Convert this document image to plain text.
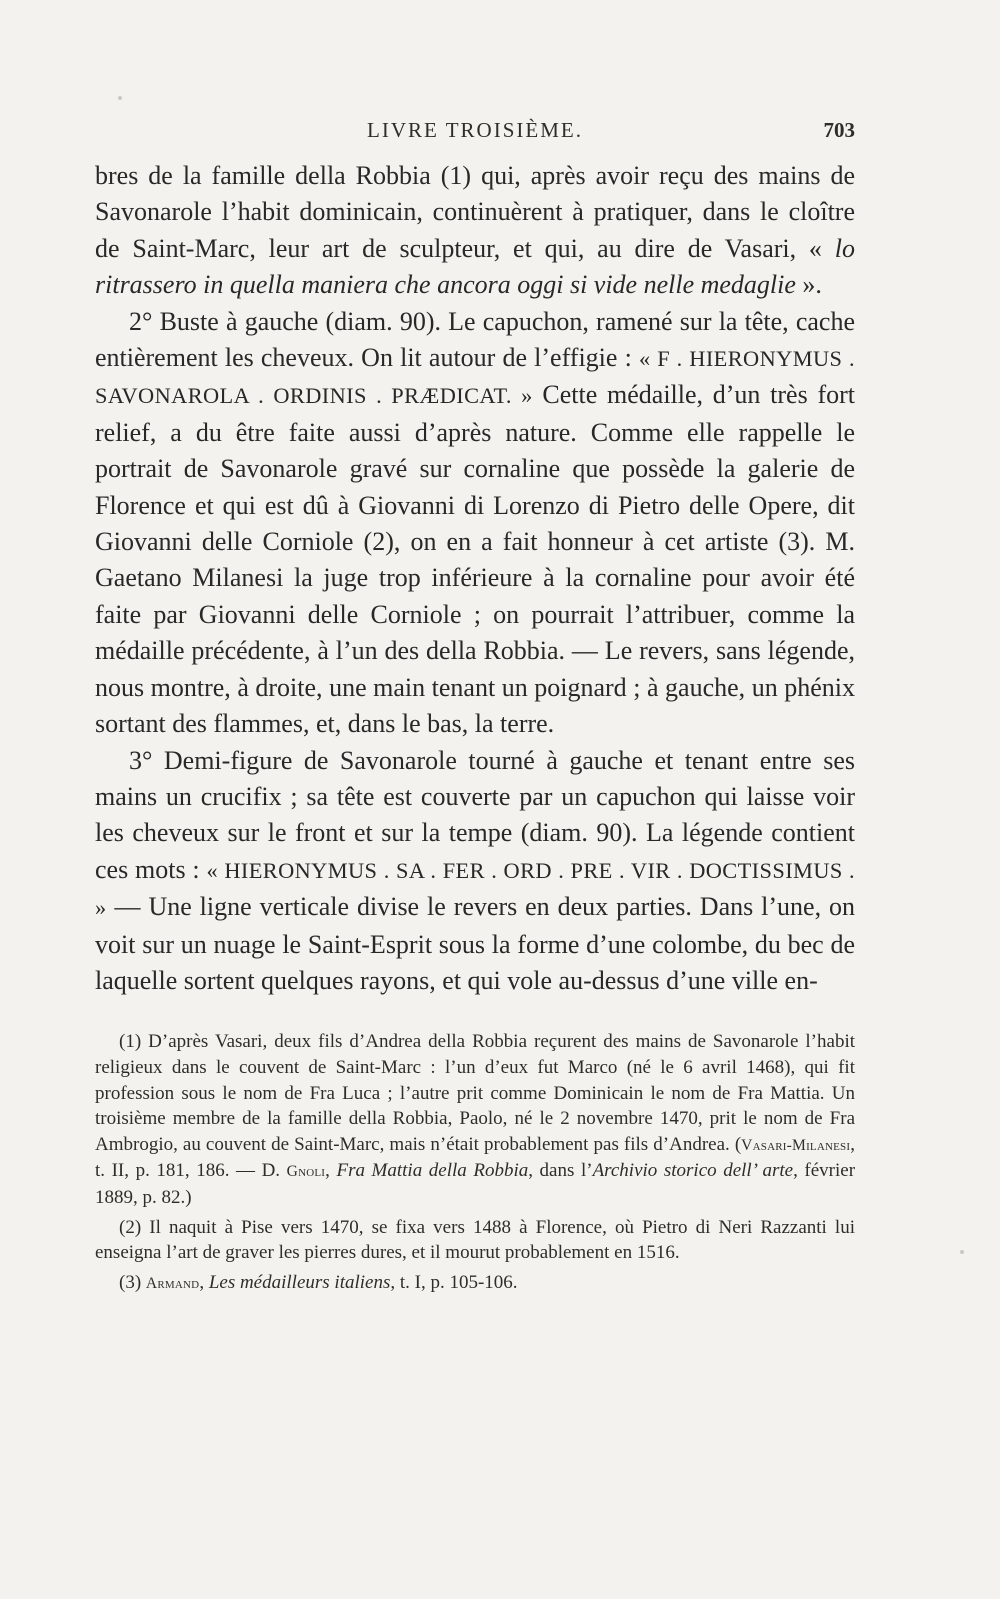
LIVRE TROISIÈME.	703

bres de la famille della Robbia (1) qui, après avoir reçu des mains de Savonarole l’habit dominicain, continuèrent à pratiquer, dans le cloître de Saint-Marc, leur art de sculpteur, et qui, au dire de Vasari, « lo ritrassero in quella maniera che ancora oggi si vide nelle medaglie ».

2° Buste à gauche (diam. 90). Le capuchon, ramené sur la tête, cache entièrement les cheveux. On lit autour de l’effigie : « F . HIERONYMUS . SAVONAROLA . ORDINIS . PRÆDICAT. » Cette médaille, d’un très fort relief, a du être faite aussi d’après nature. Comme elle rappelle le portrait de Savonarole gravé sur cornaline que possède la galerie de Florence et qui est dû à Giovanni di Lorenzo di Pietro delle Opere, dit Giovanni delle Corniole (2), on en a fait honneur à cet artiste (3). M. Gaetano Milanesi la juge trop inférieure à la cornaline pour avoir été faite par Giovanni delle Corniole ; on pourrait l’attribuer, comme la médaille précédente, à l’un des della Robbia. — Le revers, sans légende, nous montre, à droite, une main tenant un poignard ; à gauche, un phénix sortant des flammes, et, dans le bas, la terre.

3° Demi-figure de Savonarole tourné à gauche et tenant entre ses mains un crucifix ; sa tête est couverte par un capuchon qui laisse voir les cheveux sur le front et sur la tempe (diam. 90). La légende contient ces mots : « HIERONYMUS . SA . FER . ORD . PRE . VIR . DOCTISSIMUS . » — Une ligne verticale divise le revers en deux parties. Dans l’une, on voit sur un nuage le Saint-Esprit sous la forme d’une colombe, du bec de laquelle sortent quelques rayons, et qui vole au-dessus d’une ville en-

(1) D’après Vasari, deux fils d’Andrea della Robbia reçurent des mains de Savonarole l’habit religieux dans le couvent de Saint-Marc : l’un d’eux fut Marco (né le 6 avril 1468), qui fit profession sous le nom de Fra Luca ; l’autre prit comme Dominicain le nom de Fra Mattia. Un troisième membre de la famille della Robbia, Paolo, né le 2 novembre 1470, prit le nom de Fra Ambrogio, au couvent de Saint-Marc, mais n’était probablement pas fils d’Andrea. (Vasari-Milanesi, t. II, p. 181, 186. — D. Gnoli, Fra Mattia della Robbia, dans l’Archivio storico dell’ arte, février 1889, p. 82.)

(2) Il naquit à Pise vers 1470, se fixa vers 1488 à Florence, où Pietro di Neri Razzanti lui enseigna l’art de graver les pierres dures, et il mourut probablement en 1516.

(3) Armand, Les médailleurs italiens, t. I, p. 105-106.
